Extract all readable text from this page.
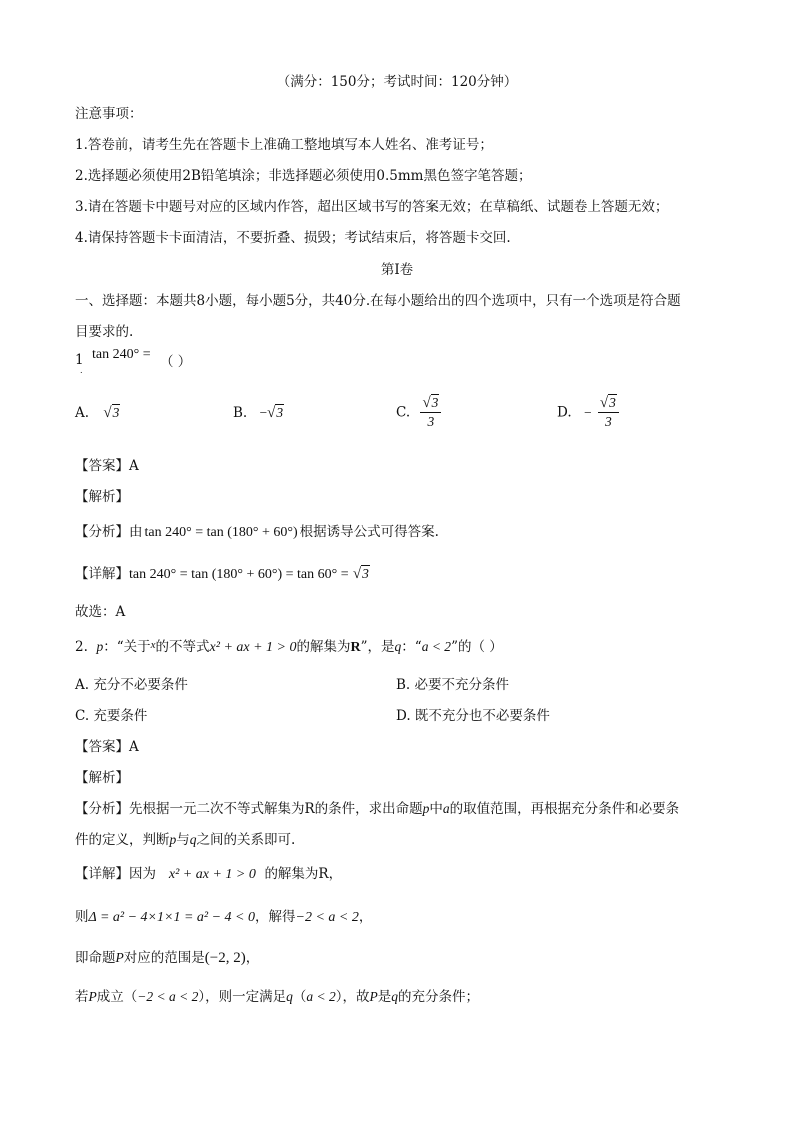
（满分：150分；考试时间：120分钟）
注意事项：
1.答卷前，请考生先在答题卡上准确工整地填写本人姓名、准考证号；
2.选择题必须使用2B铅笔填涂；非选择题必须使用0.5mm黑色签字笔答题；
3.请在答题卡中题号对应的区域内作答，超出区域书写的答案无效；在草稿纸、试题卷上答题无效；
4.请保持答题卡卡面清洁，不要折叠、损毁；考试结束后，将答题卡交回.
第I卷
一、选择题：本题共8小题，每小题5分，共40分.在每小题给出的四个选项中，只有一个选项是符合题
目要求的.
1
.
tan 240° = （ ）
A. √3	B. −√3	C. $\frac{√3}{3}$	D. − $\frac{√3}{3}$
【答案】A
【解析】
【分析】由 tan 240° = tan (180° + 60°) 根据诱导公式可得答案.
【详解】tan 240° = tan (180° + 60°) = tan 60° = √3
故选：A
2. p：“关于$^x$的不等式x² + ax + 1 > 0的解集为R”，是q：“a < 2”的（ ）
A. 充分不必要条件	B. 必要不充分条件
C. 充要条件	D. 既不充分也不必要条件
【答案】A
【解析】
【分析】先根据一元二次不等式解集为R的条件，求出命题p中a的取值范围，再根据充分条件和必要条
件的定义，判断p与q之间的关系即可.
【详解】因为 x² + ax + 1 > 0 的解集为R，
则Δ = a² − 4×1×1 = a² − 4 < 0，解得−2 < a < 2，
即命题P对应的范围是(−2, 2)，
若P成立（−2 < a < 2），则一定满足q（a < 2），故P是q的充分条件；
